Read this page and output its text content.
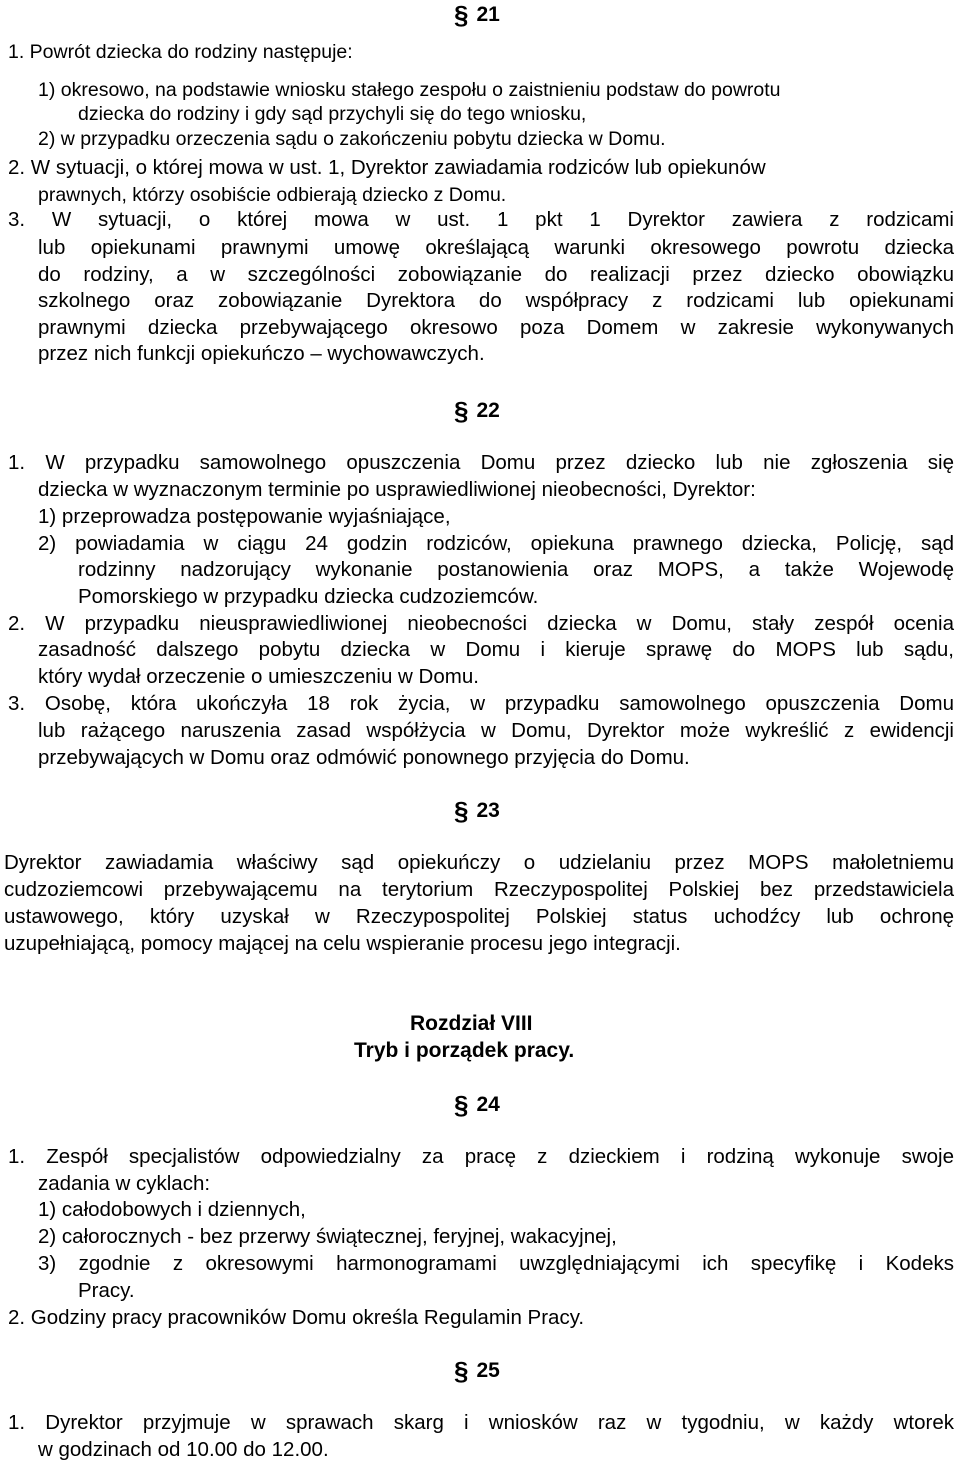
§ 21
1. Powrót dziecka do rodziny następuje:
1) okresowo, na podstawie wniosku stałego zespołu o zaistnieniu podstaw do powrotu
dziecka do rodziny i gdy sąd przychyli się do tego wniosku,
2) w przypadku orzeczenia sądu o zakończeniu pobytu dziecka w Domu.
2. W sytuacji, o której mowa w ust. 1, Dyrektor zawiadamia rodziców lub opiekunów
prawnych, którzy osobiście odbierają dziecko z Domu.
3. W sytuacji, o której mowa w ust. 1 pkt 1 Dyrektor zawiera z rodzicami
lub opiekunami prawnymi umowę określającą warunki okresowego powrotu dziecka
do rodziny, a w szczególności zobowiązanie do realizacji przez dziecko obowiązku
szkolnego oraz zobowiązanie Dyrektora do współpracy z rodzicami lub opiekunami
prawnymi dziecka przebywającego okresowo poza Domem w zakresie wykonywanych
przez nich funkcji opiekuńczo – wychowawczych.
§ 22
1. W przypadku samowolnego opuszczenia Domu przez dziecko lub nie zgłoszenia się
dziecka w wyznaczonym terminie po usprawiedliwionej nieobecności, Dyrektor:
1) przeprowadza postępowanie wyjaśniające,
2) powiadamia w ciągu 24 godzin rodziców, opiekuna prawnego dziecka, Policję, sąd
rodzinny nadzorujący wykonanie postanowienia oraz MOPS, a także Wojewodę
Pomorskiego w przypadku dziecka cudzoziemców.
2. W przypadku nieusprawiedliwionej nieobecności dziecka w Domu, stały zespół ocenia
zasadność dalszego pobytu dziecka w Domu i kieruje sprawę do MOPS lub sądu,
który wydał orzeczenie o umieszczeniu w Domu.
3. Osobę, która ukończyła 18 rok życia, w przypadku samowolnego opuszczenia Domu
lub rażącego naruszenia zasad współżycia w Domu, Dyrektor może wykreślić z ewidencji
przebywających w Domu oraz odmówić ponownego przyjęcia do Domu.
§ 23
Dyrektor zawiadamia właściwy sąd opiekuńczy o udzielaniu przez MOPS małoletniemu
cudzoziemcowi przebywającemu na terytorium Rzeczypospolitej Polskiej bez przedstawiciela
ustawowego, który uzyskał w Rzeczypospolitej Polskiej status uchodźcy lub ochronę
uzupełniającą, pomocy mającej na celu wspieranie procesu jego integracji.
Rozdział VIII
Tryb i porządek pracy.
§ 24
1. Zespół specjalistów odpowiedzialny za pracę z dzieckiem i rodziną wykonuje swoje
zadania w cyklach:
1) całodobowych i dziennych,
2) całorocznych - bez przerwy świątecznej, feryjnej, wakacyjnej,
3) zgodnie z okresowymi harmonogramami uwzględniającymi ich specyfikę i Kodeks
Pracy.
2. Godziny pracy pracowników Domu określa Regulamin Pracy.
§ 25
1. Dyrektor przyjmuje w sprawach skarg i wniosków raz w tygodniu, w każdy wtorek
w godzinach od 10.00 do 12.00.
